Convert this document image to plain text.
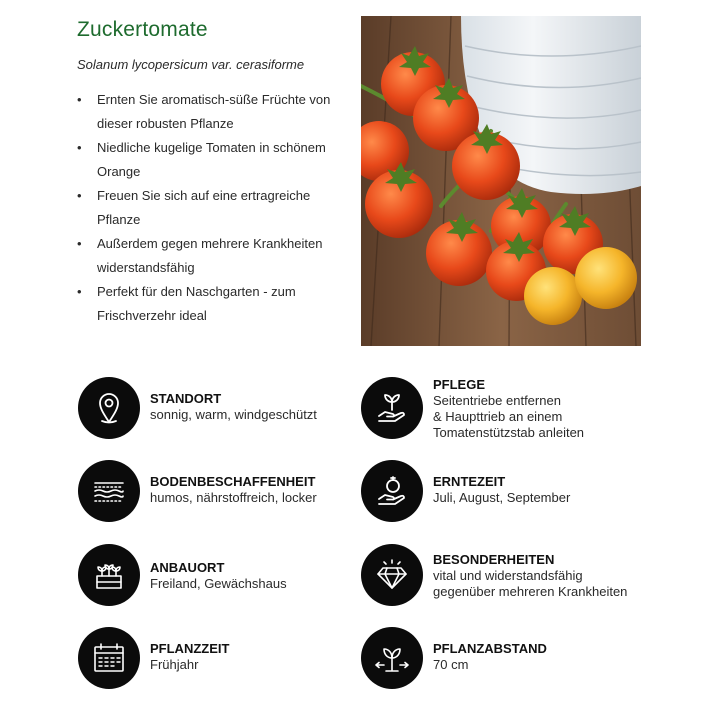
Zuckertomate
Solanum lycopersicum var. cerasiforme
• Ernten Sie aromatisch-süße Früchte von dieser robusten Pflanze
• Niedliche kugelige Tomaten in schönem Orange
• Freuen Sie sich auf eine ertragreiche Pflanze
• Außerdem gegen mehrere Krankheiten widerstandsfähig
• Perfekt für den Naschgarten - zum Frischverzehr ideal
STANDORT
sonnig, warm, windgeschützt
PFLEGE
Seitentriebe entfernen
& Haupttrieb an einem
Tomatenstützstab anleiten
BODENBESCHAFFENHEIT
humos, nährstoffreich, locker
ERNTEZEIT
Juli, August, September
ANBAUORT
Freiland, Gewächshaus
BESONDERHEITEN
vital und widerstandsfähig
gegenüber mehreren Krankheiten
PFLANZZEIT
Frühjahr
PFLANZABSTAND
70 cm
